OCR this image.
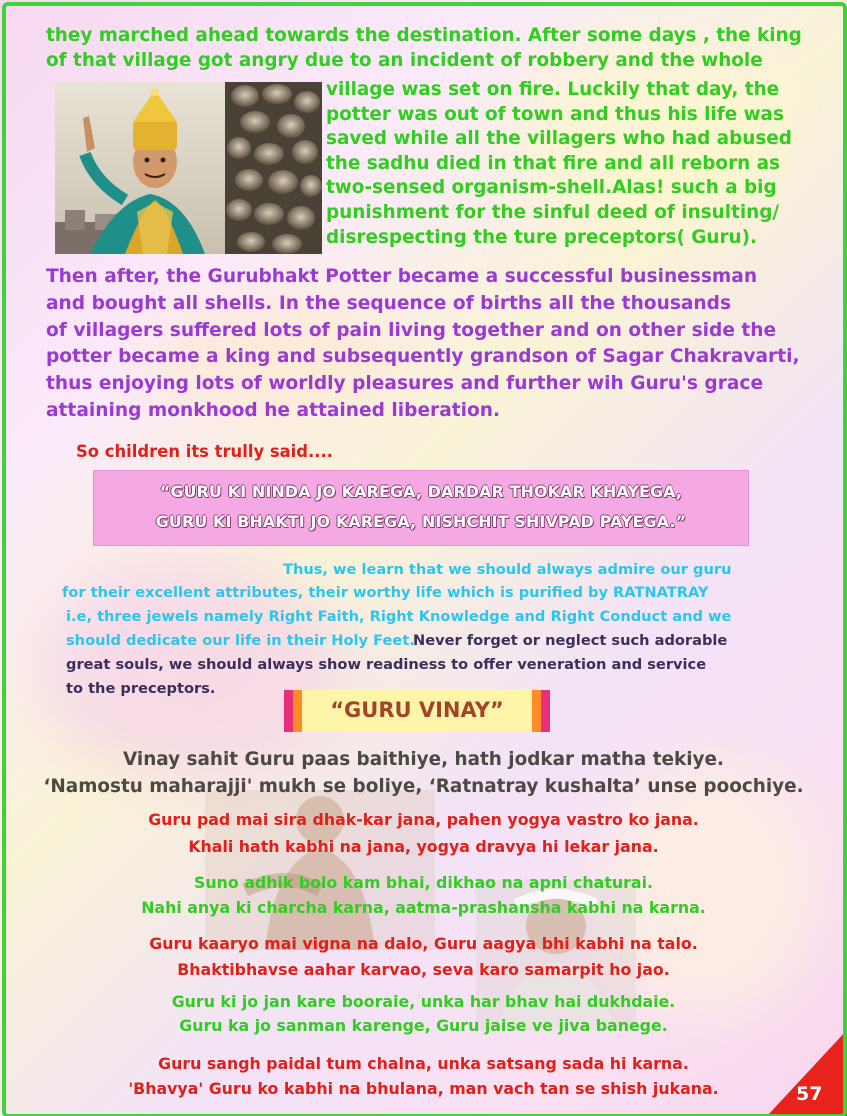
they marched ahead towards the destination. After some days , the king
of that village got angry due to an incident of robbery and the whole
village was set on fire. Luckily that day, the
potter was out of town and thus his life was
saved while all the villagers who had abused
the sadhu died in that fire and all reborn as
two-sensed organism-shell.Alas! such a big
punishment for the sinful deed of insulting/
disrespecting the ture preceptors( Guru).
Then after, the Gurubhakt Potter became a successful businessman
and bought all shells. In the sequence of births all the thousands
of villagers suffered lots of pain living together and on other side the
potter became a king and subsequently grandson of Sagar Chakravarti,
thus enjoying lots of worldly pleasures and further wih Guru's grace
attaining monkhood he attained liberation.
So children its trully said....
“GURU KI NINDA JO KAREGA, DARDAR THOKAR KHAYEGA,
GURU KI BHAKTI JO KAREGA, NISHCHIT SHIVPAD PAYEGA.”
Thus, we learn that we should always admire our guru
for their excellent attributes, their worthy life which is purified by RATNATRAY
i.e, three jewels namely Right Faith, Right Knowledge and Right Conduct and we
should dedicate our life in their Holy Feet.
Never forget or neglect such adorable
great souls, we should always show readiness to offer veneration and service
to the preceptors.
“GURU VINAY”
Vinay sahit Guru paas baithiye, hath jodkar matha tekiye.
‘Namostu maharajji' mukh se boliye, ‘Ratnatray kushalta’ unse poochiye.
Guru pad mai sira dhak-kar jana, pahen yogya vastro ko jana.
Khali hath kabhi na jana, yogya dravya hi lekar jana.
Suno adhik bolo kam bhai, dikhao na apni chaturai.
Nahi anya ki charcha karna, aatma-prashansha kabhi na karna.
Guru kaaryo mai vigna na dalo, Guru aagya bhi kabhi na talo.
Bhaktibhavse aahar karvao, seva karo samarpit ho jao.
Guru ki jo jan kare booraie, unka har bhav hai dukhdaie.
Guru ka jo sanman karenge, Guru jaise ve jiva banege.
Guru sangh paidal tum chalna, unka satsang sada hi karna.
'Bhavya' Guru ko kabhi na bhulana, man vach tan se shish jukana.	57
